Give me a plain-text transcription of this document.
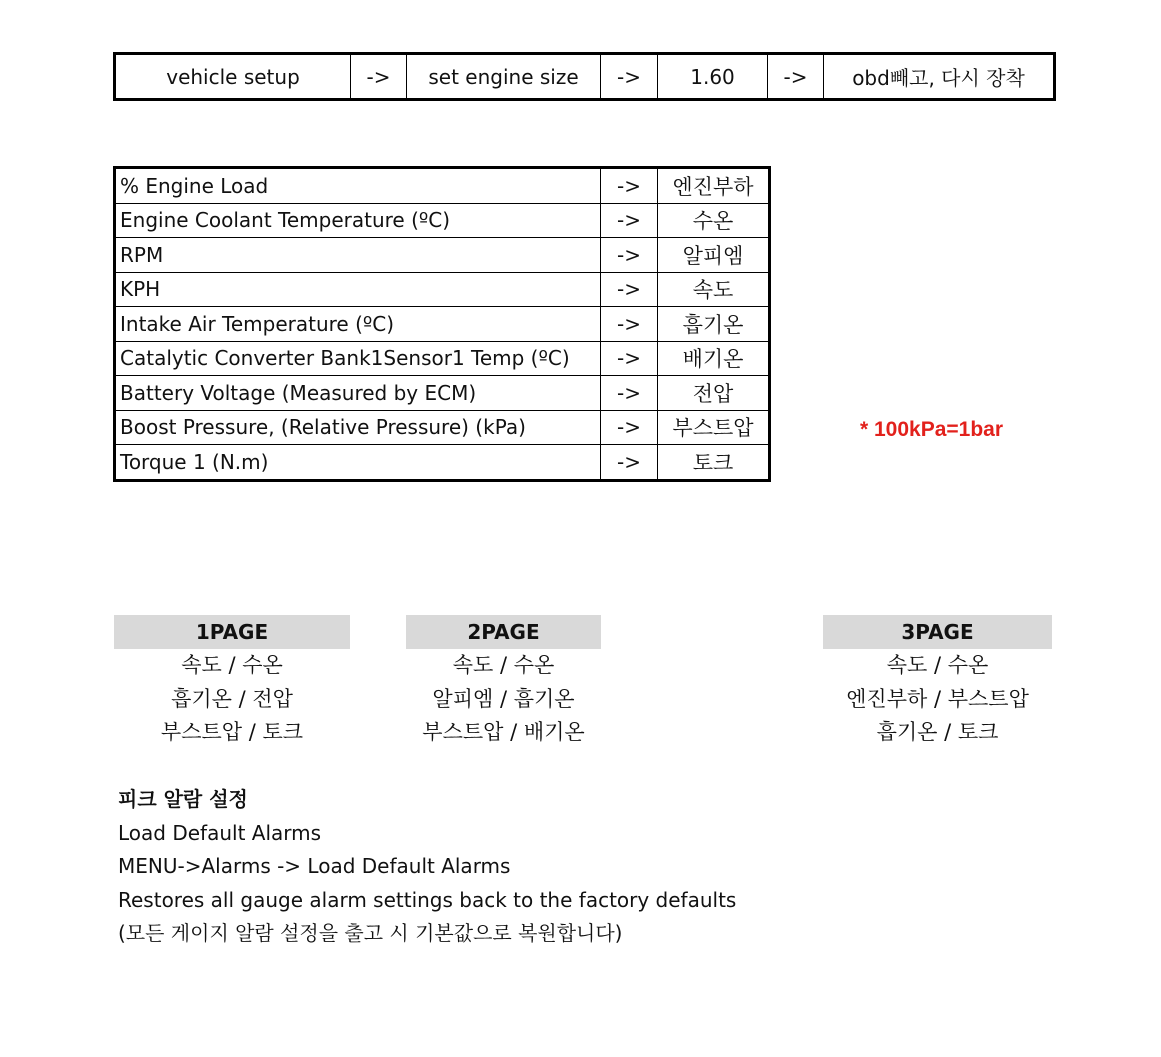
vehicle setup	->	set engine size	->	1.60	->	obd빼고, 다시 장착
% Engine Load	->	엔진부하
Engine Coolant Temperature (ºC)	->	수온
RPM	->	알피엠
KPH	->	속도
Intake Air Temperature (ºC)	->	흡기온
Catalytic Converter Bank1Sensor1 Temp (ºC)	->	배기온
Battery Voltage (Measured by ECM)	->	전압
Boost Pressure, (Relative Pressure) (kPa)	->	부스트압
Torque 1 (N.m)	->	토크
* 100kPa=1bar
1PAGE
속도 / 수온
흡기온 / 전압
부스트압 / 토크
2PAGE
속도 / 수온
알피엠 / 흡기온
부스트압 / 배기온
3PAGE
속도 / 수온
엔진부하 / 부스트압
흡기온 / 토크
피크 알람 설정
Load Default Alarms
MENU->Alarms -> Load Default Alarms
Restores all gauge alarm settings back to the factory defaults
(모든 게이지 알람 설정을 출고 시 기본값으로 복원합니다)
